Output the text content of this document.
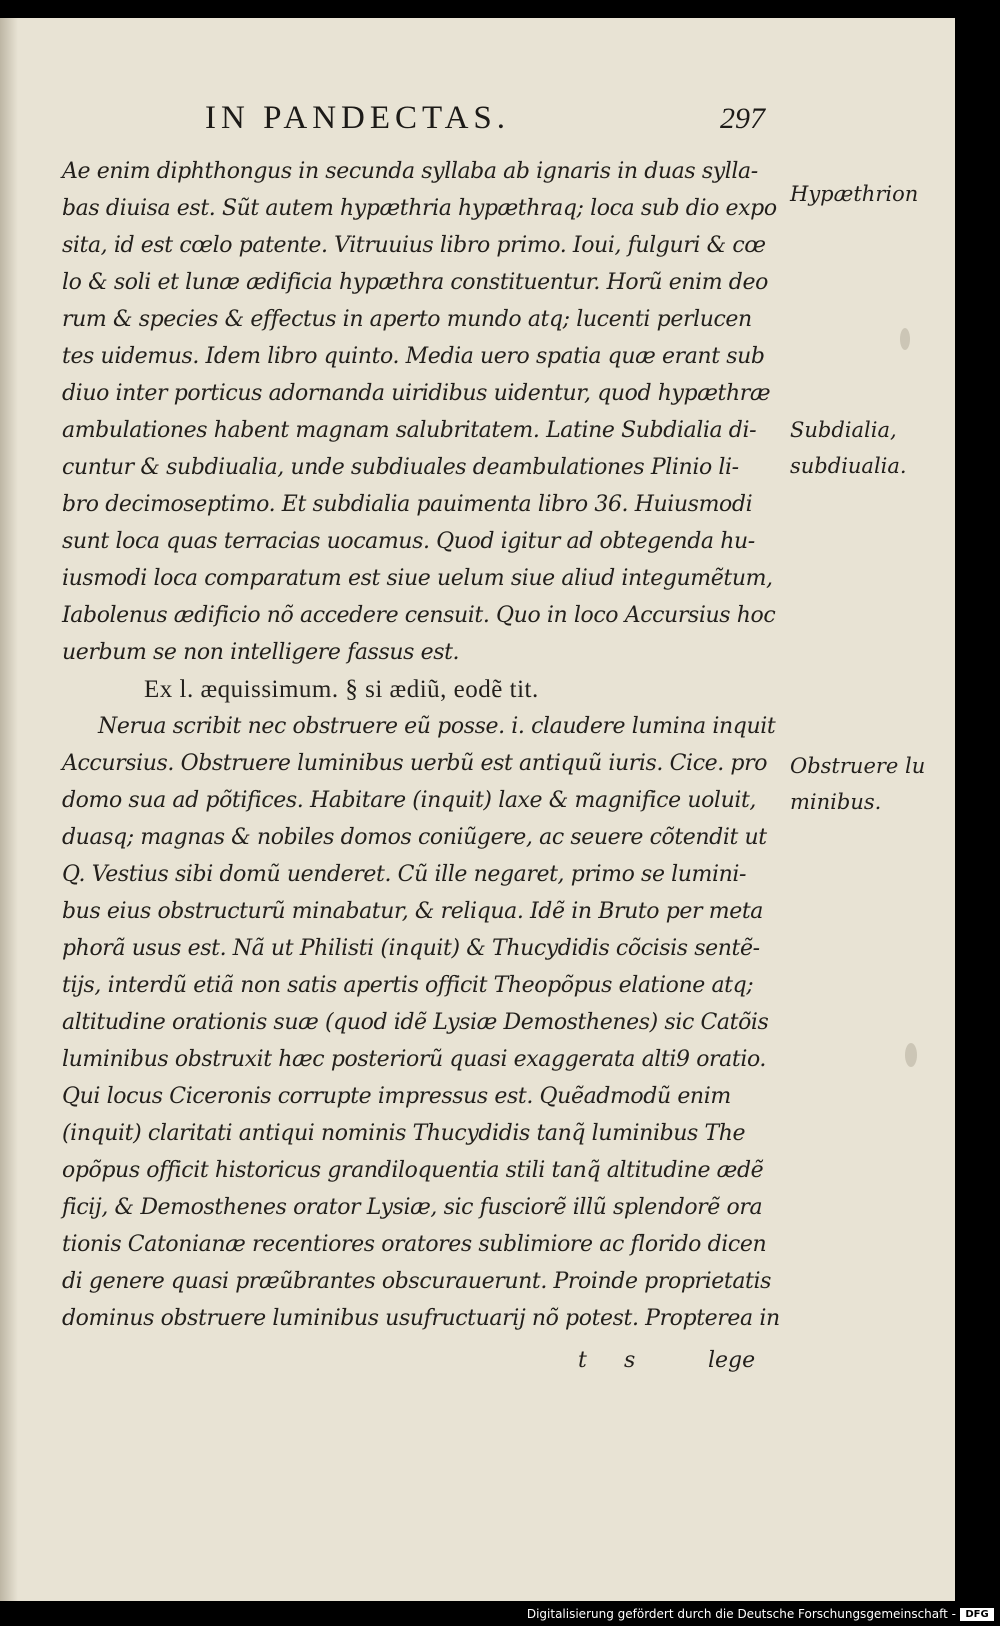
IN PANDECTAS.	297
Ae enim diphthongus in secunda syllaba ab ignaris in duas sylla-
bas diuisa est. Sũt autem hypæthria hypæthraq; loca sub dio expo
sita, id est cœlo patente. Vitruuius libro primo. Ioui, fulguri & cœ
lo & soli et lunæ ædificia hypæthra constituentur. Horũ enim deo
rum & species & effectus in aperto mundo atq; lucenti perlucen
tes uidemus. Idem libro quinto. Media uero spatia quæ erant sub
diuo inter porticus adornanda uiridibus uidentur, quod hypæthræ
ambulationes habent magnam salubritatem. Latine Subdialia di-
cuntur & subdiualia, unde subdiuales deambulationes Plinio li-
bro decimoseptimo. Et subdialia pauimenta libro 36. Huiusmodi
sunt loca quas terracias uocamus. Quod igitur ad obtegenda hu-
iusmodi loca comparatum est siue uelum siue aliud integumẽtum,
Iabolenus ædificio nõ accedere censuit. Quo in loco Accursius hoc
uerbum se non intelligere fassus est.
Ex l. æquissimum. § si ædiũ, eodẽ tit.
Nerua scribit nec obstruere eũ posse. i. claudere lumina inquit
Accursius. Obstruere luminibus uerbũ est antiquũ iuris. Cice. pro
domo sua ad põtifices. Habitare (inquit) laxe & magnifice uoluit,
duasq; magnas & nobiles domos coniũgere, ac seuere cõtendit ut
Q. Vestius sibi domũ uenderet. Cũ ille negaret, primo se lumini-
bus eius obstructurũ minabatur, & reliqua. Idẽ in Bruto per meta
phorã usus est. Nã ut Philisti (inquit) & Thucydidis cõcisis sentẽ-
tijs, interdũ etiã non satis apertis officit Theopõpus elatione atq;
altitudine orationis suæ (quod idẽ Lysiæ Demosthenes) sic Catõis
luminibus obstruxit hæc posteriorũ quasi exaggerata alti9 oratio.
Qui locus Ciceronis corrupte impressus est. Quẽadmodũ enim
(inquit) claritati antiqui nominis Thucydidis tanq̃ luminibus The
opõpus officit historicus grandiloquentia stili tanq̃ altitudine ædẽ
ficij, & Demosthenes orator Lysiæ, sic fusciorẽ illũ splendorẽ ora
tionis Catonianæ recentiores oratores sublimiore ac florido dicen
di genere quasi præũbrantes obscurauerunt. Proinde proprietatis
dominus obstruere luminibus usufructuarij nõ potest. Propterea in
t s	lege
Hypæthrion
Subdialia,
subdiualia.
Obstruere lu
minibus.
Digitalisierung gefördert durch die Deutsche Forschungsgemeinschaft - DFG
